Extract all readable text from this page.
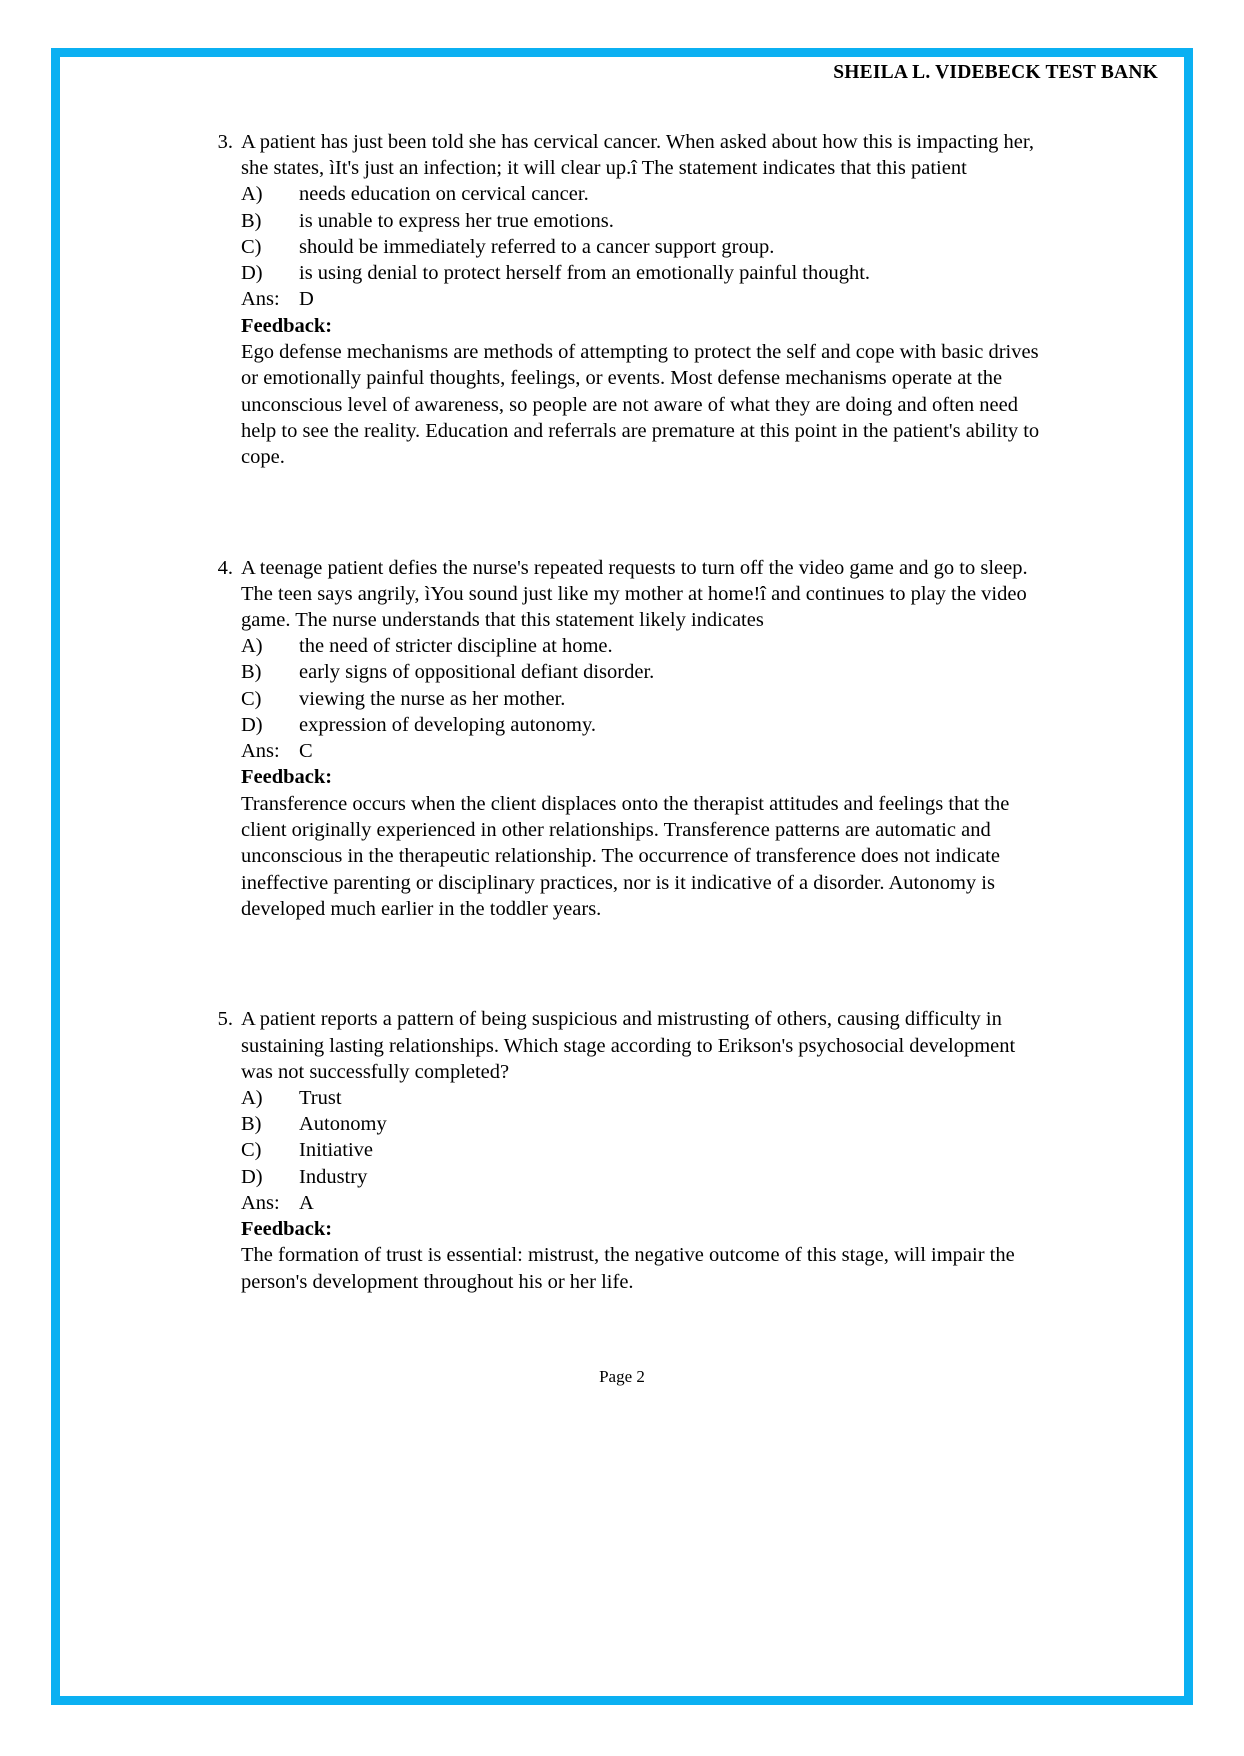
SHEILA L. VIDEBECK TEST BANK
3. A patient has just been told she has cervical cancer. When asked about how this is impacting her, she states, ìIt's just an infection; it will clear up.î The statement indicates that this patient
A)	needs education on cervical cancer.
B)	is unable to express her true emotions.
C)	should be immediately referred to a cancer support group.
D)	is using denial to protect herself from an emotionally painful thought.
Ans: D
Feedback:
Ego defense mechanisms are methods of attempting to protect the self and cope with basic drives or emotionally painful thoughts, feelings, or events. Most defense mechanisms operate at the unconscious level of awareness, so people are not aware of what they are doing and often need help to see the reality. Education and referrals are premature at this point in the patient's ability to cope.
4. A teenage patient defies the nurse's repeated requests to turn off the video game and go to sleep. The teen says angrily, ìYou sound just like my mother at home!î and continues to play the video game. The nurse understands that this statement likely indicates
A)	the need of stricter discipline at home.
B)	early signs of oppositional defiant disorder.
C)	viewing the nurse as her mother.
D)	expression of developing autonomy.
Ans: C
Feedback:
Transference occurs when the client displaces onto the therapist attitudes and feelings that the client originally experienced in other relationships. Transference patterns are automatic and unconscious in the therapeutic relationship. The occurrence of transference does not indicate ineffective parenting or disciplinary practices, nor is it indicative of a disorder. Autonomy is developed much earlier in the toddler years.
5. A patient reports a pattern of being suspicious and mistrusting of others, causing difficulty in sustaining lasting relationships. Which stage according to Erikson's psychosocial development was not successfully completed?
A)	Trust
B)	Autonomy
C)	Initiative
D)	Industry
Ans: A
Feedback:
The formation of trust is essential: mistrust, the negative outcome of this stage, will impair the person's development throughout his or her life.
Page 2
